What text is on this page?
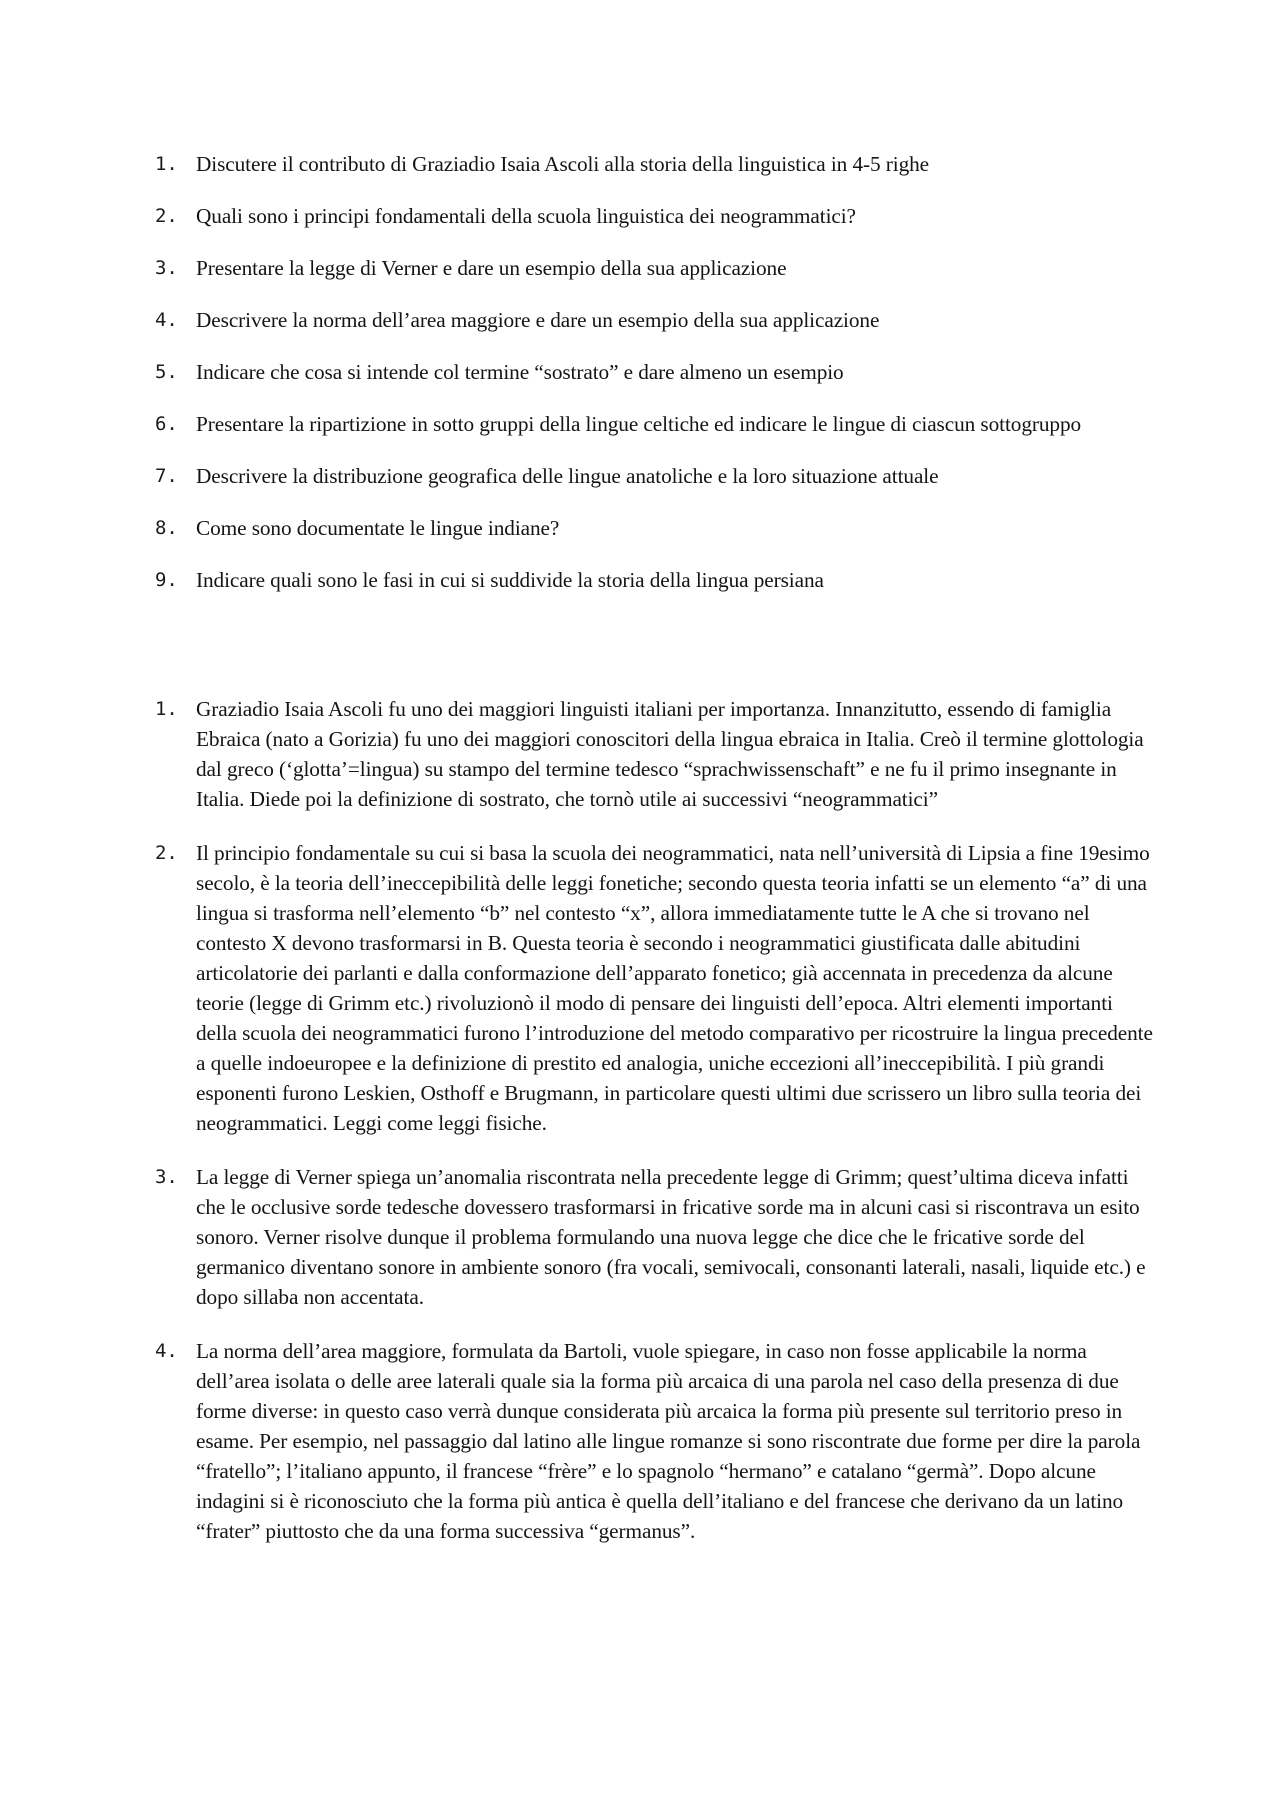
1. Discutere il contributo di Graziadio Isaia Ascoli alla storia della linguistica in 4-5 righe
2. Quali sono i principi fondamentali della scuola linguistica dei neogrammatici?
3. Presentare la legge di Verner e dare un esempio della sua applicazione
4. Descrivere la norma dell’area maggiore e dare un esempio della sua applicazione
5. Indicare che cosa si intende col termine “sostrato” e dare almeno un esempio
6. Presentare la ripartizione in sotto gruppi della lingue celtiche ed indicare le lingue di ciascun sottogruppo
7. Descrivere la distribuzione geografica delle lingue anatoliche e la loro situazione attuale
8. Come sono documentate le lingue indiane?
9. Indicare quali sono le fasi in cui si suddivide la storia della lingua persiana
1. Graziadio Isaia Ascoli fu uno dei maggiori linguisti italiani per importanza. Innanzitutto, essendo di famiglia Ebraica (nato a Gorizia) fu uno dei maggiori conoscitori della lingua ebraica in Italia. Creò il termine glottologia dal greco (‘glotta’=lingua) su stampo del termine tedesco “sprachwissenschaft” e ne fu il primo insegnante in Italia. Diede poi la definizione di sostrato, che tornò utile ai successivi “neogrammatici”
2. Il principio fondamentale su cui si basa la scuola dei neogrammatici, nata nell’università di Lipsia a fine 19esimo secolo, è la teoria dell’ineccepibilità delle leggi fonetiche; secondo questa teoria infatti se un elemento “a” di una lingua si trasforma nell’elemento “b” nel contesto “x”, allora immediatamente tutte le A che si trovano nel contesto X devono trasformarsi in B. Questa teoria è secondo i neogrammatici giustificata dalle abitudini articolatorie dei parlanti e dalla conformazione dell’apparato fonetico; già accennata in precedenza da alcune teorie (legge di Grimm etc.) rivoluzionò il modo di pensare dei linguisti dell’epoca. Altri elementi importanti della scuola dei neogrammatici furono l’introduzione del metodo comparativo per ricostruire la lingua precedente a quelle indoeuropee e la definizione di prestito ed analogia, uniche eccezioni all’ineccepibilità. I più grandi esponenti furono Leskien, Osthoff e Brugmann, in particolare questi ultimi due scrissero un libro sulla teoria dei neogrammatici. Leggi come leggi fisiche.
3. La legge di Verner spiega un’anomalia riscontrata nella precedente legge di Grimm; quest’ultima diceva infatti che le occlusive sorde tedesche dovessero trasformarsi in fricative sorde ma in alcuni casi si riscontrava un esito sonoro. Verner risolve dunque il problema formulando una nuova legge che dice che le fricative sorde del germanico diventano sonore in ambiente sonoro (fra vocali, semivocali, consonanti laterali, nasali, liquide etc.) e dopo sillaba non accentata.
4. La norma dell’area maggiore, formulata da Bartoli, vuole spiegare, in caso non fosse applicabile la norma dell’area isolata o delle aree laterali quale sia la forma più arcaica di una parola nel caso della presenza di due forme diverse: in questo caso verrà dunque considerata più arcaica la forma più presente sul territorio preso in esame. Per esempio, nel passaggio dal latino alle lingue romanze si sono riscontrate due forme per dire la parola “fratello”; l’italiano appunto, il francese “frère” e lo spagnolo “hermano” e catalano “germà”. Dopo alcune indagini si è riconosciuto che la forma più antica è quella dell’italiano e del francese che derivano da un latino “frater” piuttosto che da una forma successiva “germanus”.
